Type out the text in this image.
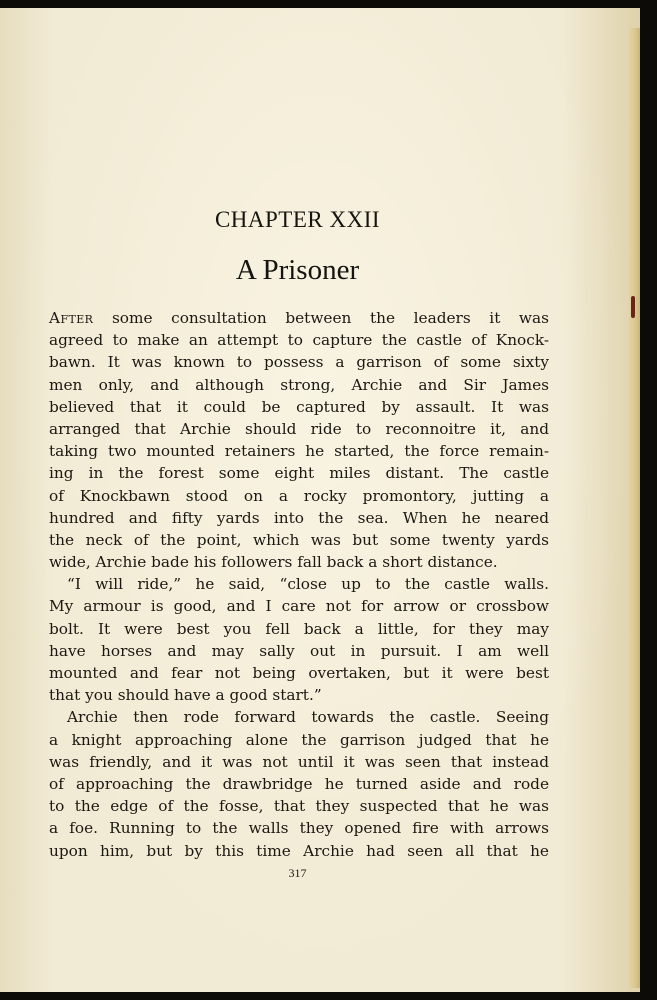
CHAPTER XXII
A Prisoner
After some consultation between the leaders it was
agreed to make an attempt to capture the castle of Knock-
bawn. It was known to possess a garrison of some sixty
men only, and although strong, Archie and Sir James
believed that it could be captured by assault. It was
arranged that Archie should ride to reconnoitre it, and
taking two mounted retainers he started, the force remain-
ing in the forest some eight miles distant. The castle
of Knockbawn stood on a rocky promontory, jutting a
hundred and fifty yards into the sea. When he neared
the neck of the point, which was but some twenty yards
wide, Archie bade his followers fall back a short distance.
“I will ride,” he said, “close up to the castle walls.
My armour is good, and I care not for arrow or crossbow
bolt. It were best you fell back a little, for they may
have horses and may sally out in pursuit. I am well
mounted and fear not being overtaken, but it were best
that you should have a good start.”
Archie then rode forward towards the castle. Seeing
a knight approaching alone the garrison judged that he
was friendly, and it was not until it was seen that instead
of approaching the drawbridge he turned aside and rode
to the edge of the fosse, that they suspected that he was
a foe. Running to the walls they opened fire with arrows
upon him, but by this time Archie had seen all that he
317
